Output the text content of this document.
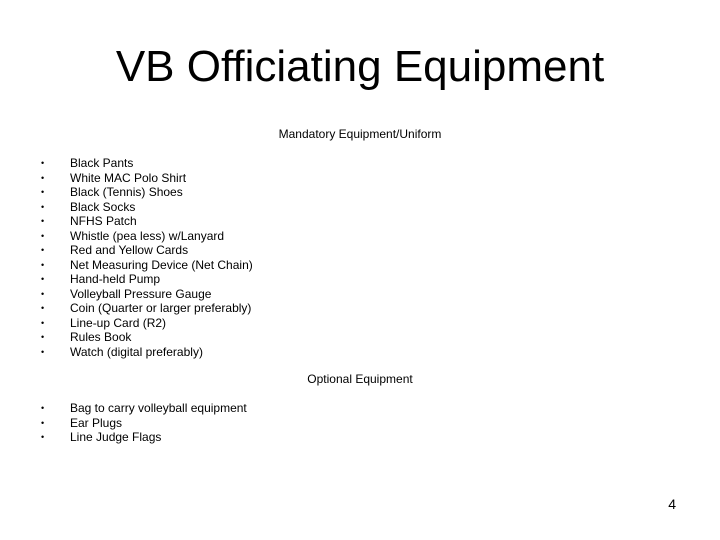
VB Officiating Equipment
Mandatory Equipment/Uniform
• Black Pants
• White MAC Polo Shirt
• Black (Tennis) Shoes
• Black Socks
• NFHS Patch
• Whistle (pea less) w/Lanyard
• Red and Yellow Cards
• Net Measuring Device (Net Chain)
• Hand-held Pump
• Volleyball Pressure Gauge
• Coin (Quarter or larger preferably)
• Line-up Card (R2)
• Rules Book
• Watch (digital preferably)
Optional Equipment
• Bag to carry volleyball equipment
• Ear Plugs
• Line Judge Flags
4
